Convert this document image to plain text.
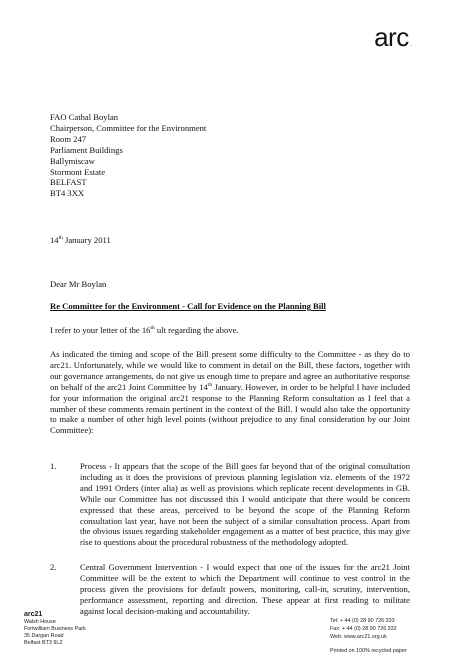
arc.
FAO Cathal Boylan
Chairperson, Committee for the Environment
Room 247
Parliament Buildings
Ballymiscaw
Stormont Estate
BELFAST
BT4 3XX
14th January 2011
Dear Mr Boylan
Re Committee for the Environment - Call for Evidence on the Planning Bill
I refer to your letter of the 16th ult regarding the above.
As indicated the timing and scope of the Bill present some difficulty to the Committee - as they do to arc21. Unfortunately, while we would like to comment in detail on the Bill, these factors, together with our governance arrangements, do not give us enough time to prepare and agree an authoritative response on behalf of the arc21 Joint Committee by 14th January. However, in order to be helpful I have included for your information the original arc21 response to the Planning Reform consultation as I feel that a number of these comments remain pertinent in the context of the Bill. I would also take the opportunity to make a number of other high level points (without prejudice to any final consideration by our Joint Committee):
1.	Process - It appears that the scope of the Bill goes far beyond that of the original consultation including as it does the provisions of previous planning legislation viz. elements of the 1972 and 1991 Orders (inter alia) as well as provisions which replicate recent developments in GB. While our Committee has not discussed this I would anticipate that there would be concern expressed that these areas, perceived to be beyond the scope of the Planning Reform consultation last year, have not been the subject of a similar consultation process. Apart from the obvious issues regarding stakeholder engagement as a matter of best practice, this may give rise to questions about the procedural robustness of the methodology adopted.
2.	Central Government Intervention - I would expect that one of the issues for the arc21 Joint Committee will be the extent to which the Department will continue to vest control in the process given the provisions for default powers, monitoring, call-in, scrutiny, intervention, performance assessment, reporting and direction. These appear at first reading to militate against local decision-making and accountability.
arc21
Walsh House
Fortwilliam Business Park
35 Dargan Road
Belfast BT3 9LZ
Tel: + 44 (0) 28 90 726 333
Fax: + 44 (0) 28 90 726 332
Web: www.arc21.org.uk
Printed on 100% recycled paper
